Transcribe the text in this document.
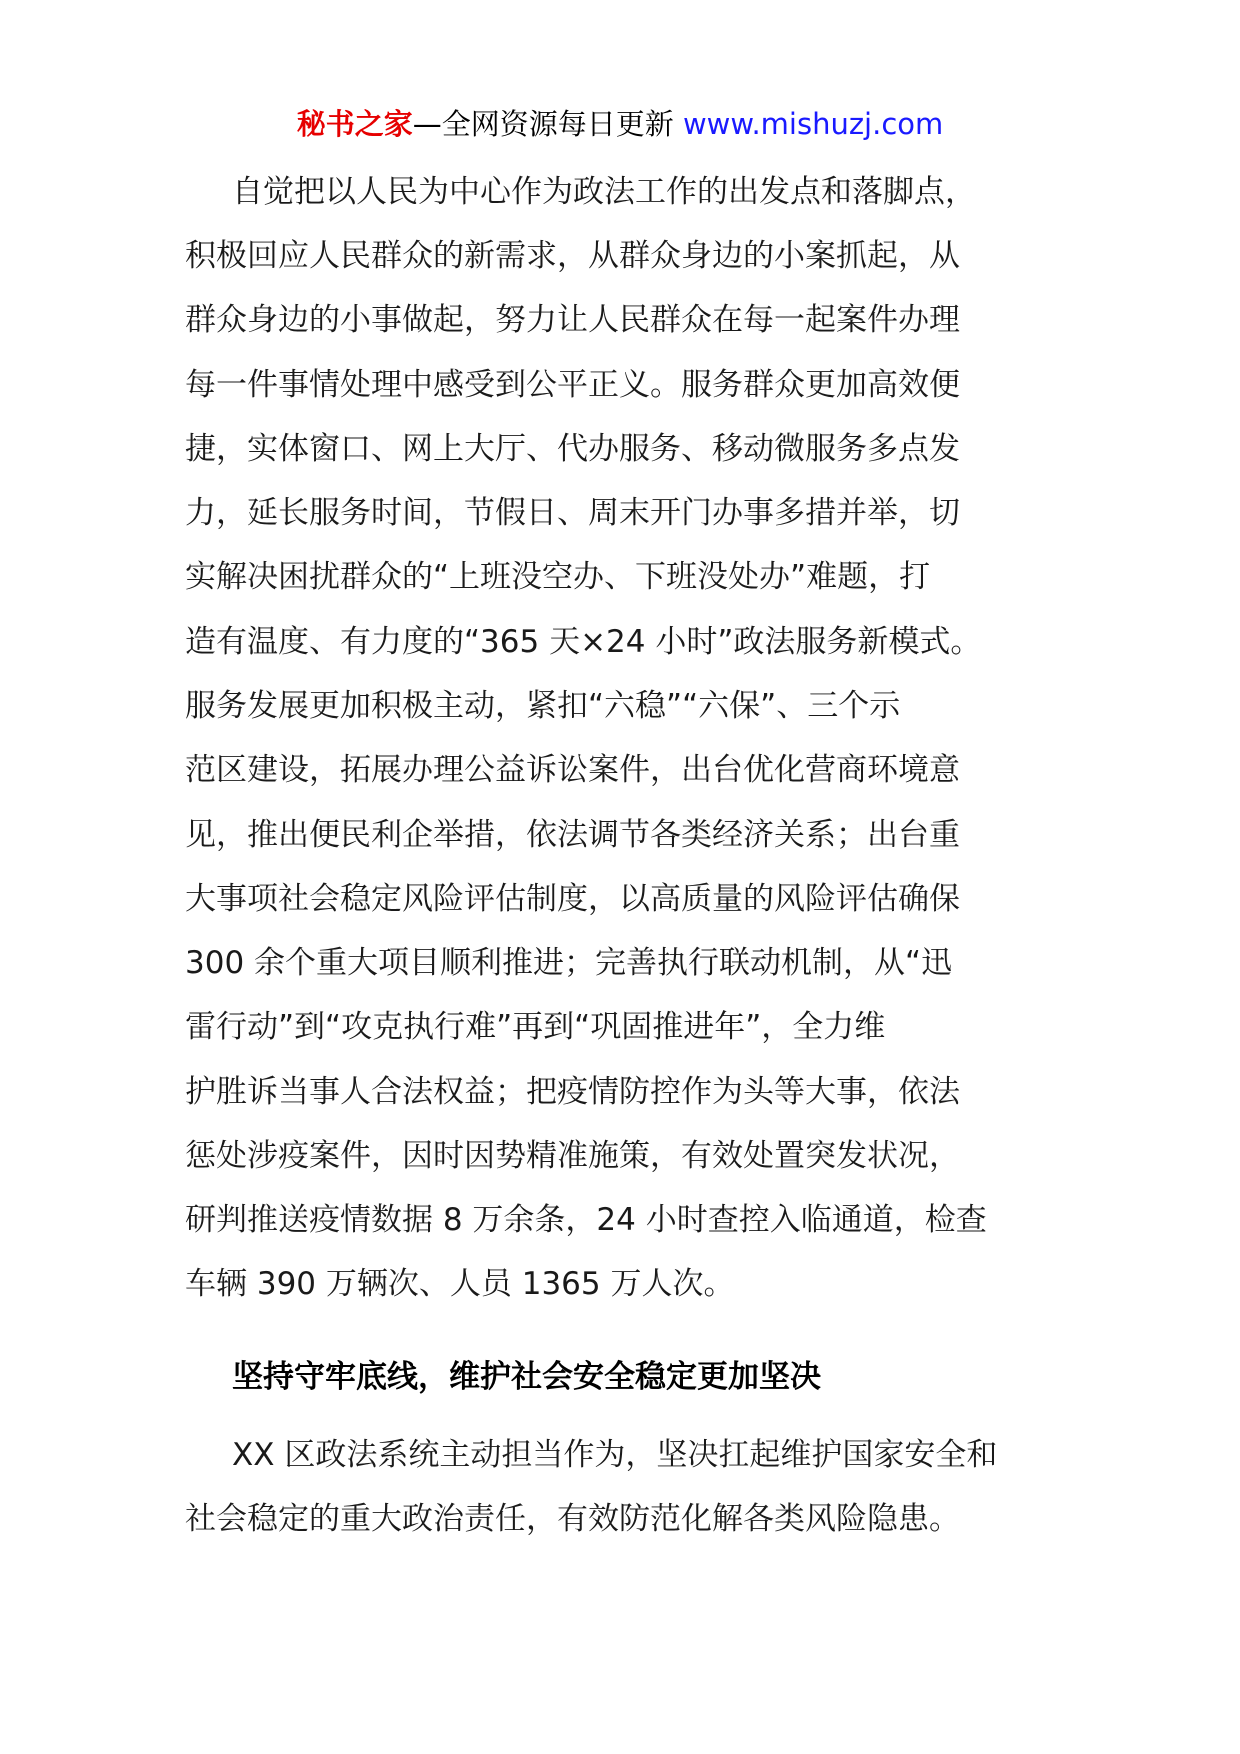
秘书之家—全网资源每日更新 www.mishuzj.com
自觉把以人民为中心作为政法工作的出发点和落脚点，
积极回应人民群众的新需求，从群众身边的小案抓起，从
群众身边的小事做起，努力让人民群众在每一起案件办理
每一件事情处理中感受到公平正义。服务群众更加高效便
捷，实体窗口、网上大厅、代办服务、移动微服务多点发
力，延长服务时间，节假日、周末开门办事多措并举，切
实解决困扰群众的“上班没空办、下班没处办”难题，打
造有温度、有力度的“365 天×24 小时”政法服务新模式。
服务发展更加积极主动，紧扣“六稳”“六保”、三个示
范区建设，拓展办理公益诉讼案件，出台优化营商环境意
见，推出便民利企举措，依法调节各类经济关系；出台重
大事项社会稳定风险评估制度，以高质量的风险评估确保
300 余个重大项目顺利推进；完善执行联动机制，从“迅
雷行动”到“攻克执行难”再到“巩固推进年”，全力维
护胜诉当事人合法权益；把疫情防控作为头等大事，依法
惩处涉疫案件，因时因势精准施策，有效处置突发状况，
研判推送疫情数据 8 万余条，24 小时查控入临通道，检查
车辆 390 万辆次、人员 1365 万人次。
坚持守牢底线，维护社会安全稳定更加坚决
XX 区政法系统主动担当作为，坚决扛起维护国家安全和
社会稳定的重大政治责任，有效防范化解各类风险隐患。
